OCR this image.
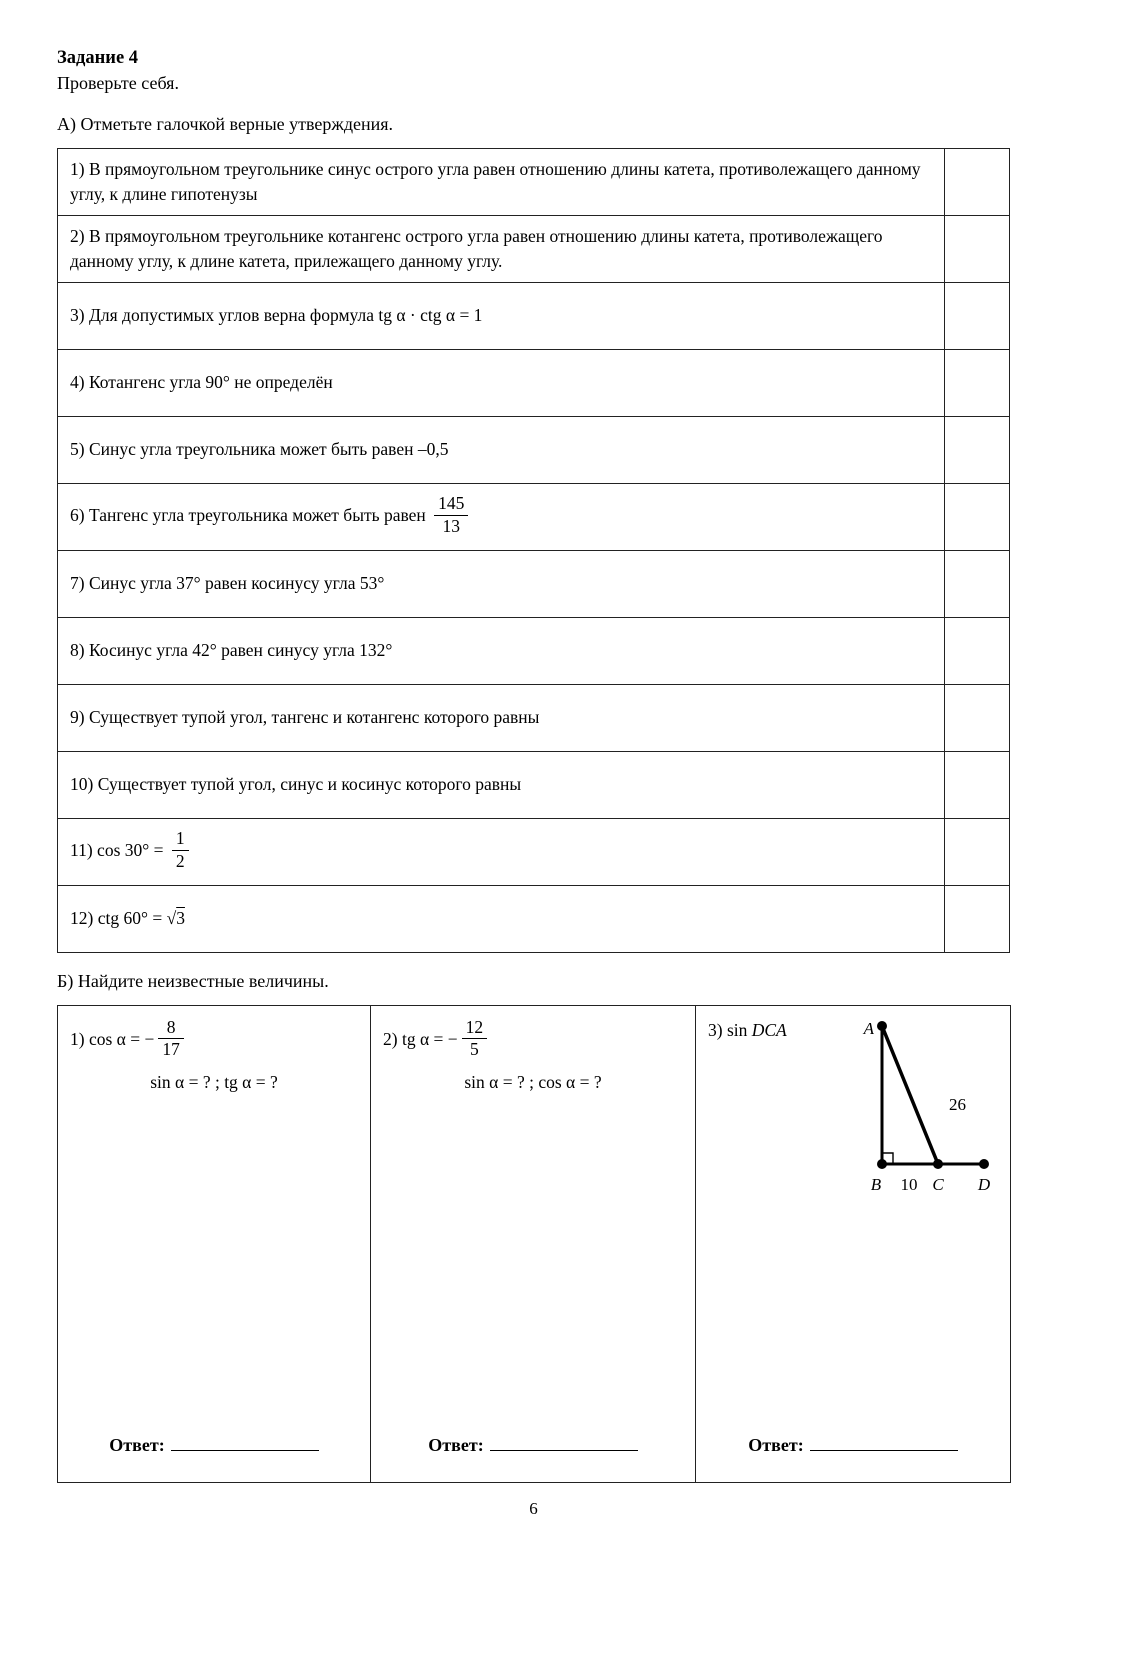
Задание 4
Проверьте себя.
А) Отметьте галочкой верные утверждения.
1) В прямоугольном треугольнике синус острого угла равен отношению длины катета, противолежащего данному углу, к длине гипотенузы	
2) В прямоугольном треугольнике котангенс острого угла равен отношению длины катета, противолежащего данному углу, к длине катета, прилежащего данному углу.	
3) Для допустимых углов верна формула tg α · ctg α = 1	
4) Котангенс угла 90° не определён	
5) Синус угла треугольника может быть равен –0,5	
6) Тангенс угла треугольника может быть равен $\frac{145}{13}$

7) Синус угла 37° равен косинусу угла 53°	
8) Косинус угла 42° равен синусу угла 132°	
9) Существует тупой угол, тангенс и котангенс которого равны	
10) Существует тупой угол, синус и косинус которого равны	
11) $\cos 30^\circ = \frac{1}{2}$

12) ctg 60° = √3	
Б) Найдите неизвестные величины.
1) cos α = − $\frac{8}{17}$
sin α = ? ; tg α = ?
Ответ:

2) tg α = − $\frac{12}{5}$
sin α = ? ; cos α = ?
Ответ:

3) sin DCA	A
26
B 10 C D
Ответ:
6
